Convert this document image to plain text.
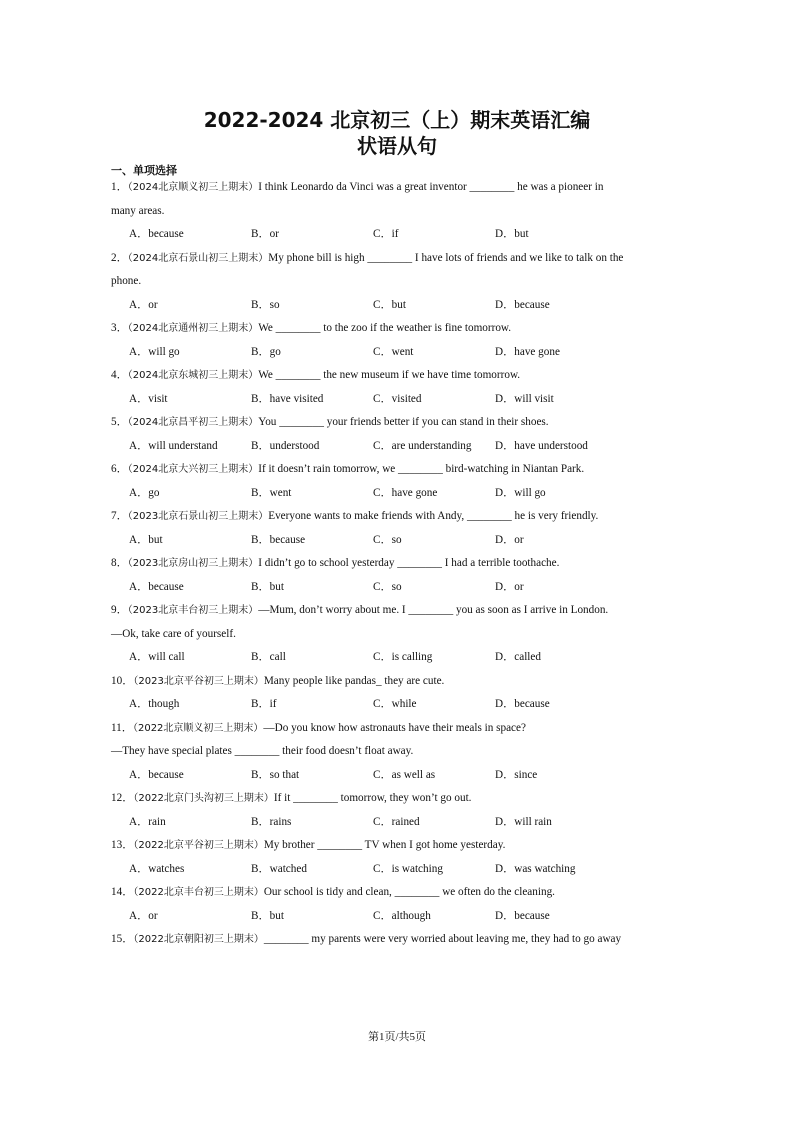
2022-2024 北京初三（上）期末英语汇编
状语从句
一、单项选择
1．（2024北京顺义初三上期末）I think Leonardo da Vinci was a great inventor ________ he was a pioneer in
many areas.
A．because	B．or	C．if	D．but
2．（2024北京石景山初三上期末）My phone bill is high ________ I have lots of friends and we like to talk on the
phone.
A．or	B．so	C．but	D．because
3．（2024北京通州初三上期末）We ________ to the zoo if the weather is fine tomorrow.
A．will go	B．go	C．went	D．have gone
4．（2024北京东城初三上期末）We ________ the new museum if we have time tomorrow.
A．visit	B．have visited	C．visited	D．will visit
5．（2024北京昌平初三上期末）You ________ your friends better if you can stand in their shoes.
A．will understand	B．understood	C．are understanding	D．have understood
6．（2024北京大兴初三上期末）If it doesn’t rain tomorrow, we ________ bird-watching in Niantan Park.
A．go	B．went	C．have gone	D．will go
7．（2023北京石景山初三上期末）Everyone wants to make friends with Andy, ________ he is very friendly.
A．but	B．because	C．so	D．or
8．（2023北京房山初三上期末）I didn’t go to school yesterday ________ I had a terrible toothache.
A．because	B．but	C．so	D．or
9．（2023北京丰台初三上期末）—Mum, don’t worry about me. I ________ you as soon as I arrive in London.
—Ok, take care of yourself.
A．will call	B．call	C．is calling	D．called
10．（2023北京平谷初三上期末）Many people like pandas_ they are cute.
A．though	B．if	C．while	D．because
11．（2022北京顺义初三上期末）—Do you know how astronauts have their meals in space?
—They have special plates ________ their food doesn’t float away.
A．because	B．so that	C．as well as	D．since
12．（2022北京门头沟初三上期末）If it ________ tomorrow, they won’t go out.
A．rain	B．rains	C．rained	D．will rain
13．（2022北京平谷初三上期末）My brother ________ TV when I got home yesterday.
A．watches	B．watched	C．is watching	D．was watching
14．（2022北京丰台初三上期末）Our school is tidy and clean, ________ we often do the cleaning.
A．or	B．but	C．although	D．because
15．（2022北京朝阳初三上期末）________ my parents were very worried about leaving me, they had to go away
第1页/共5页
